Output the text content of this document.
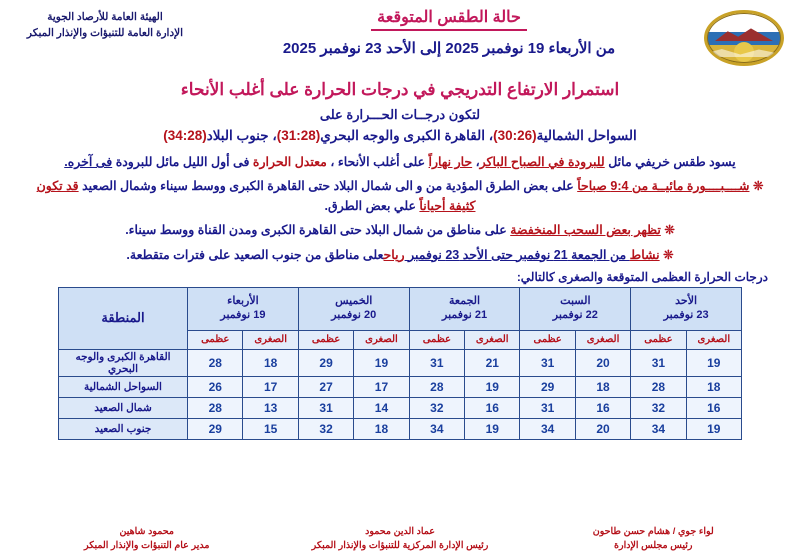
حالة الطقس المتوقعة
من الأربعاء 19 نوفمبر 2025 إلى الأحد 23 نوفمبر 2025
الهيئة العامة للأرصاد الجوية
الإدارة العامة للتنبؤات والإنذار المبكر
استمرار الارتفاع التدريجي في درجات الحرارة على أغلب الأنحاء
لتكون درجــات الحـــرارة على
السواحل الشمالية(30:26)، القاهرة الكبرى والوجه البحري(31:28)، جنوب البلاد(34:28)
يسود طقس خريفي مائل للبرودة في الصباح الباكر، حار نهاراً على أغلب الأنحاء ، معتدل الحرارة فى أول الليل مائل للبرودة فى آخره.
❊ شــــبــــورة مائيــة من 9:4 صباحاً على بعض الطرق المؤدية من و الى شمال البلاد حتى القاهرة الكبرى ووسط سيناء وشمال الصعيد قد تكون كثيفة أحياناً علي بعض الطرق.
❊ تظهر بعض السحب المنخفضة على مناطق من شمال البلاد حتى القاهرة الكبرى ومدن القناة ووسط سيناء.
❊ نشاط من الجمعة 21 نوفمبر حتى الأحد 23 نوفمبر رياحعلى مناطق من جنوب الصعيد على فترات متقطعة.
درجات الحرارة العظمى المتوقعة والصغرى كالتالي:
الأحد
23 نوفمبر

السبت
22 نوفمبر

الجمعة
21 نوفمبر

الخميس
20 نوفمبر

الأربعاء
19 نوفمبر
	المنطقة
الصغرى	عظمى	الصغرى	عظمى	الصغرى	عظمى	الصغرى	عظمى	الصغرى	عظمى	
19	31	20	31	21	31	19	29	18	28	القاهرة الكبرى والوجه البحري
18	28	18	29	19	28	17	27	17	26	السواحل الشمالية
16	32	16	31	16	32	14	31	13	28	شمال الصعيد
19	34	20	34	19	34	18	32	15	29	جنوب الصعيد
لواء جوي / هشام حسن طاحون
رئيس مجلس الإدارة
عماد الدين محمود
رئيس الإدارة المركزية للتنبؤات والإنذار المبكر
محمود شاهين
مدير عام التنبؤات والإنذار المبكر
